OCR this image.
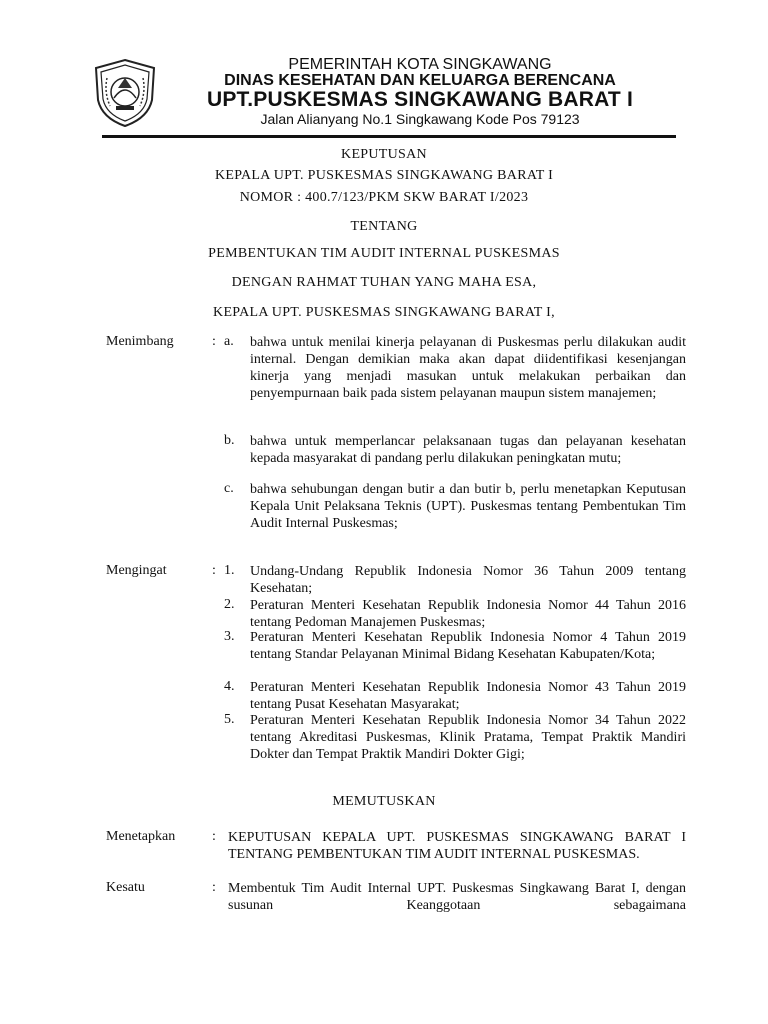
PEMERINTAH KOTA SINGKAWANG
DINAS KESEHATAN DAN KELUARGA BERENCANA
UPT.PUSKESMAS SINGKAWANG BARAT I
Jalan Alianyang No.1 Singkawang Kode Pos 79123
KEPUTUSAN
KEPALA UPT. PUSKESMAS SINGKAWANG BARAT I
NOMOR : 400.7/123/PKM SKW BARAT I/2023
TENTANG
PEMBENTUKAN TIM AUDIT INTERNAL PUSKESMAS
DENGAN RAHMAT TUHAN YANG MAHA ESA,
KEPALA UPT. PUSKESMAS SINGKAWANG BARAT I,
Menimbang	: a. bahwa untuk menilai kinerja pelayanan di Puskesmas perlu dilakukan audit internal. Dengan demikian maka akan dapat diidentifikasi kesenjangan kinerja yang menjadi masukan untuk melakukan perbaikan dan penyempurnaan baik pada sistem pelayanan maupun sistem manajemen;
b. bahwa untuk memperlancar pelaksanaan tugas dan pelayanan kesehatan kepada masyarakat di pandang perlu dilakukan peningkatan mutu;
c. bahwa sehubungan dengan butir a dan butir b, perlu menetapkan Keputusan Kepala Unit Pelaksana Teknis (UPT). Puskesmas tentang Pembentukan Tim Audit Internal Puskesmas;
Mengingat	: 1. Undang-Undang Republik Indonesia Nomor 36 Tahun 2009 tentang Kesehatan;
2. Peraturan Menteri Kesehatan Republik Indonesia Nomor 44 Tahun 2016 tentang Pedoman Manajemen Puskesmas;
3. Peraturan Menteri Kesehatan Republik Indonesia Nomor 4 Tahun 2019 tentang Standar Pelayanan Minimal Bidang Kesehatan Kabupaten/Kota;
4. Peraturan Menteri Kesehatan Republik Indonesia Nomor 43 Tahun 2019 tentang Pusat Kesehatan Masyarakat;
5. Peraturan Menteri Kesehatan Republik Indonesia Nomor 34 Tahun 2022 tentang Akreditasi Puskesmas, Klinik Pratama, Tempat Praktik Mandiri Dokter dan Tempat Praktik Mandiri Dokter Gigi;
MEMUTUSKAN
Menetapkan	: KEPUTUSAN KEPALA UPT. PUSKESMAS SINGKAWANG BARAT I TENTANG PEMBENTUKAN TIM AUDIT INTERNAL PUSKESMAS.
Kesatu	: Membentuk Tim Audit Internal UPT. Puskesmas Singkawang Barat I, dengan susunan Keanggotaan sebagaimana
